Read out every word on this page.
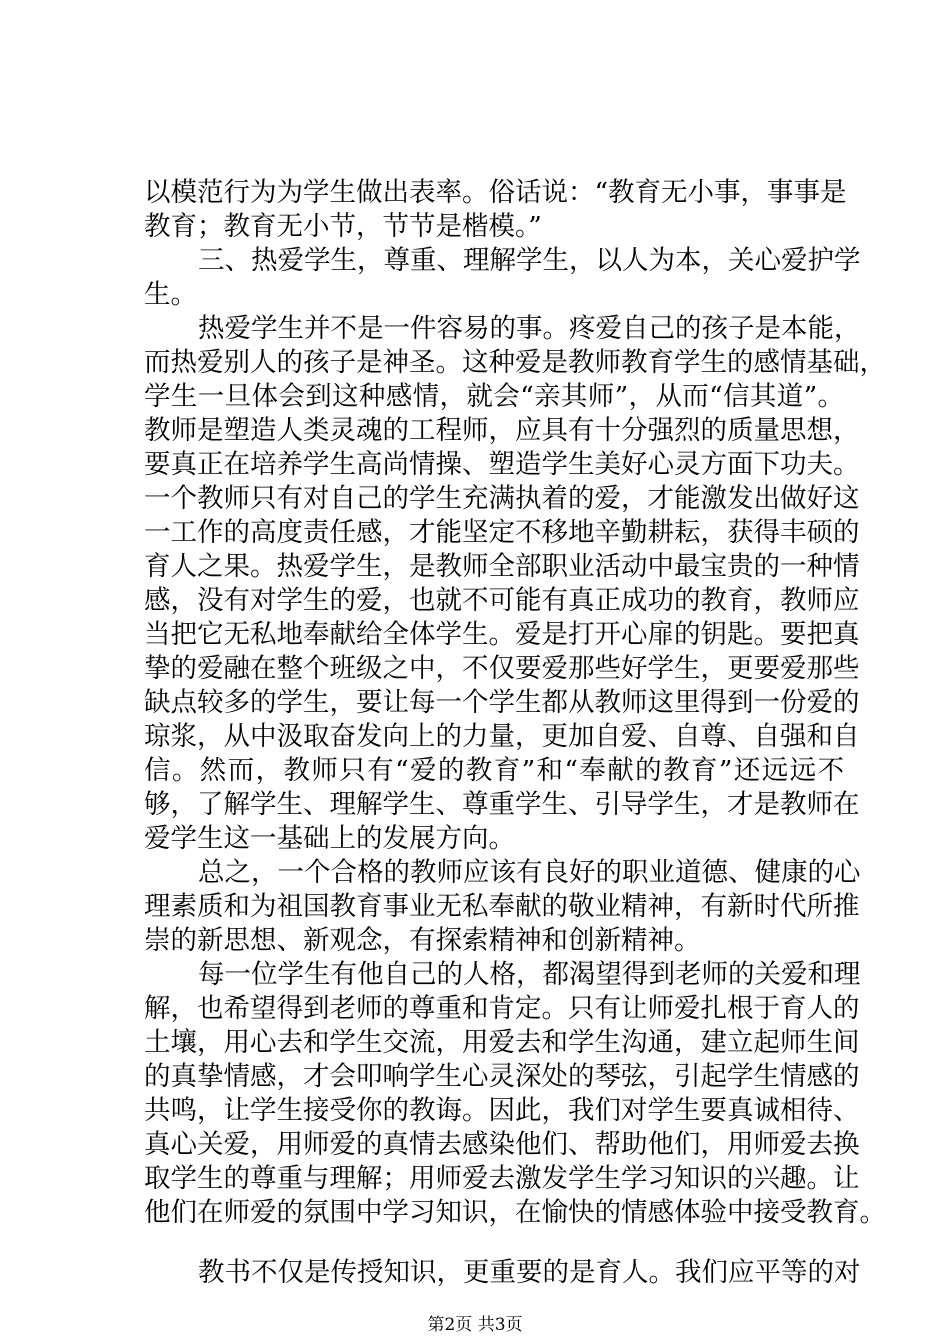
以模范行为为学生做出表率。俗话说：“教育无小事，事事是
教育；教育无小节，节节是楷模。”
三、热爱学生，尊重、理解学生，以人为本，关心爱护学
生。
热爱学生并不是一件容易的事。疼爱自己的孩子是本能，
而热爱别人的孩子是神圣。这种爱是教师教育学生的感情基础，
学生一旦体会到这种感情，就会“亲其师”，从而“信其道”。
教师是塑造人类灵魂的工程师，应具有十分强烈的质量思想，
要真正在培养学生高尚情操、塑造学生美好心灵方面下功夫。
一个教师只有对自己的学生充满执着的爱，才能激发出做好这
一工作的高度责任感，才能坚定不移地辛勤耕耘，获得丰硕的
育人之果。热爱学生，是教师全部职业活动中最宝贵的一种情
感，没有对学生的爱，也就不可能有真正成功的教育，教师应
当把它无私地奉献给全体学生。爱是打开心扉的钥匙。要把真
挚的爱融在整个班级之中，不仅要爱那些好学生，更要爱那些
缺点较多的学生，要让每一个学生都从教师这里得到一份爱的
琼浆，从中汲取奋发向上的力量，更加自爱、自尊、自强和自
信。然而，教师只有“爱的教育”和“奉献的教育”还远远不
够，了解学生、理解学生、尊重学生、引导学生，才是教师在
爱学生这一基础上的发展方向。
总之，一个合格的教师应该有良好的职业道德、健康的心
理素质和为祖国教育事业无私奉献的敬业精神，有新时代所推
崇的新思想、新观念，有探索精神和创新精神。
每一位学生有他自己的人格，都渴望得到老师的关爱和理
解，也希望得到老师的尊重和肯定。只有让师爱扎根于育人的
土壤，用心去和学生交流，用爱去和学生沟通，建立起师生间
的真挚情感，才会叩响学生心灵深处的琴弦，引起学生情感的
共鸣，让学生接受你的教诲。因此，我们对学生要真诚相待、
真心关爱，用师爱的真情去感染他们、帮助他们，用师爱去换
取学生的尊重与理解；用师爱去激发学生学习知识的兴趣。让
他们在师爱的氛围中学习知识，在愉快的情感体验中接受教育。
教书不仅是传授知识，更重要的是育人。我们应平等的对
第2页 共3页
